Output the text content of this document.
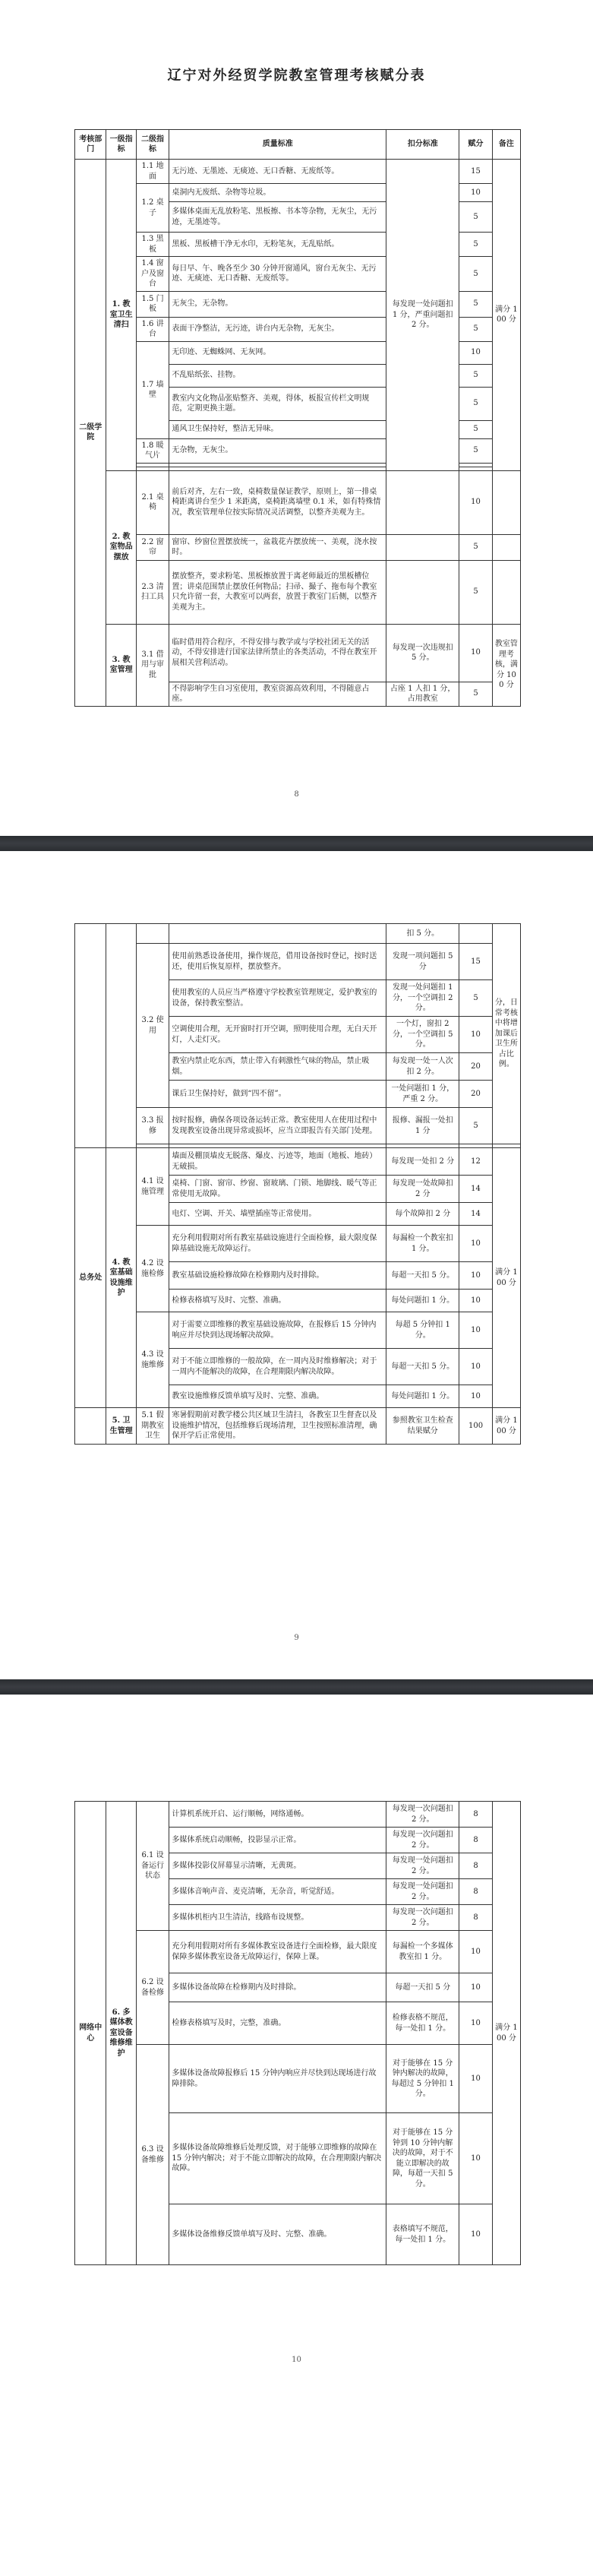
辽宁对外经贸学院教室管理考核赋分表
考核部门	一级指标	二级指标	质量标准	扣分标准	赋分	备注
二级学院	1. 教室卫生清扫	1.1 地面	无污迹、无墨迹、无痰迹、无口香糖、无废纸等。	每发现一处问题扣 1 分，严重问题扣 2 分。	15	满分 100 分
		1.2 桌子	桌洞内无废纸、杂物等垃圾。		10	
			多媒体桌面无乱放粉笔、黑板擦、书本等杂物，无灰尘，无污迹，无墨迹等。		5	
		1.3 黑板	黑板、黑板槽干净无水印，无粉笔灰，无乱贴纸。		5	
		1.4 窗户及窗台	每日早、午、晚各至少 30 分钟开窗通风，窗台无灰尘、无污迹、无痰迹、无口香糖、无废纸等。		5	
		1.5 门板	无灰尘，无杂物。		5	
		1.6 讲台	表面干净整洁，无污迹，讲台内无杂物，无灰尘。		5	
		1.7 墙壁	无印迹、无蜘蛛网、无灰网。		10	
			不乱贴纸张、挂物。		5	
			教室内文化物品张贴整齐、美观，得体，板报宣传栏文明规范，定期更换主题。		5	
			通风卫生保持好，整洁无异味。		5	
		1.8 暖气片	无杂物，无灰尘。		5	

	2. 教室物品摆放	2.1 桌椅	前后对齐，左右一致，桌椅数量保证教学，原则上，第一排桌椅距离讲台至少 1 米距离，桌椅距离墙壁 0.1 米，如有特殊情况，教室管理单位按实际情况灵活调整，以整齐美观为主。		10	
		2.2 窗帘	窗帘、纱窗位置摆放统一，盆栽花卉摆放统一、美观，浇水按时。		5	
		2.3 清扫工具	摆放整齐，要求粉笔、黑板擦放置于离老师最近的黑板槽位置；讲桌范围禁止摆放任何物品；扫帚、撮子、拖布每个教室只允许留一套，大教室可以两套，放置于教室门后侧，以整齐美观为主。		5	
	3. 教室管理	3.1 借用与审批	临时借用符合程序，不得安排与教学或与学校社团无关的活动，不得安排进行国家法律所禁止的各类活动，不得在教室开展相关营利活动。	每发现一次违规扣 5 分。	10	教室管理考核，满分 100 分

			不得影响学生自习室使用，教室资源高效利用，不得随意占座。	占座 1 人扣 1 分，占用教室	5	
8
				扣 5 分。		分，日常考核中将增加课后卫生所占比例。
		3.2 使用	使用前熟悉设备使用，操作规范，借用设备按时登记，按时送还，使用后恢复原样，摆放整齐。	发现一项问题扣 5 分	15	
			使用教室的人员应当严格遵守学校教室管理规定，爱护教室的设备，保持教室整洁。	发现一处问题扣 1 分，一个空调扣 2 分。	5	
			空调使用合理，无开窗时打开空调，照明使用合理，无白天开灯，人走灯灭。	一个灯，窗扣 2 分，一个空调扣 5 分。	10	
			教室内禁止吃东西，禁止带入有刺激性气味的物品，禁止吸烟。	每发现一处一人次扣 2 分。	20	
			课后卫生保持好，做到“四不留”。	一处问题扣 1 分，严重 2 分。	20	
		3.3 报修	按时报修，确保各项设备运转正常。教室使用人在使用过程中发现教室设备出现异常或损坏，应当立即报告有关部门处理。	报修、漏报一处扣 1 分	5	

总务处	4. 教室基础设施维护	4.1 设施管理	墙面及棚顶墙皮无脱落、爆皮、污迹等，地面（地板、地砖）无破损。	每发现一处扣 2 分	12	满分 100 分
			桌椅、门窗、窗帘、纱窗、窗玻璃、门锁、地脚线、暖气等正常使用无故障。	每发现一处故障扣 2 分	14	
			电灯、空调、开关、墙壁插座等正常使用。	每个故障扣 2 分	14	
		4.2 设施检修	充分利用假期对所有教室基础设施进行全面检修，最大限度保障基础设施无故障运行。	每漏检一个教室扣 1 分。	10	
			教室基础设施检修故障在检修期内及时排除。	每超一天扣 5 分。	10	
			检修表格填写及时、完整、准确。	每处问题扣 1 分。	10	
		4.3 设施维修	对于需要立即维修的教室基础设施故障，在报修后 15 分钟内响应并尽快到达现场解决故障。	每超 5 分钟扣 1 分。	10	
			对于不能立即维修的一般故障，在一周内及时维修解决；对于一周内不能解决的故障，在合理期限内解决故障。	每超一天扣 5 分。	10	
			教室设施维修反馈单填写及时、完整、准确。	每处问题扣 1 分。	10	
	5. 卫生管理	5.1 假期教室卫生	寒暑假期前对教学楼公共区域卫生清扫，各教室卫生督查以及设施维护情况，包括维修后现场清理，卫生按照标准清理，确保开学后正常使用。	参照教室卫生检查结果赋分	100	满分 100 分
9
网络中心	6. 多媒体教室设备维修维护	6.1 设备运行状态	计算机系统开启、运行顺畅，网络通畅。	每发现一次问题扣 2 分。	8	满分 100 分
			多媒体系统启动顺畅，投影显示正常。	每发现一次问题扣 2 分。	8	
			多媒体投影仪屏幕显示清晰，无黄斑。	每发现一处问题扣 2 分。	8	
			多媒体音响声音、麦克清晰，无杂音，听觉舒适。	每发现一处问题扣 2 分。	8	
			多媒体机柜内卫生清洁，线路布设规整。	每发现一次问题扣 2 分。	8	
		6.2 设备检修	充分利用假期对所有多媒体教室设备进行全面检修，最大限度保障多媒体教室设备无故障运行，保障上课。	每漏检一个多媒体教室扣 1 分。	10	
			多媒体设备故障在检修期内及时排除。	每超一天扣 5 分	10	
			检修表格填写及时，完整，准确。	检修表格不规范，每一处扣 1 分。	10	
		6.3 设备维修	多媒体设备故障报修后 15 分钟内响应并尽快到达现场进行故障排除。	对于能够在 15 分钟内解决的故障，每超过 5 分钟扣 1 分。	10	
			多媒体设备故障维修后处理反馈，对于能够立即维修的故障在 15 分钟内解决；对于不能立即解决的故障，在合理期限内解决故障。	对于能够在 15 分钟到 10 分钟内解决的故障，对于不能立即解决的故障，每超一天扣 5 分。	10	
			多媒体设备维修反馈单填写及时、完整、准确。	表格填写不规范，每一处扣 1 分。	10	
10
